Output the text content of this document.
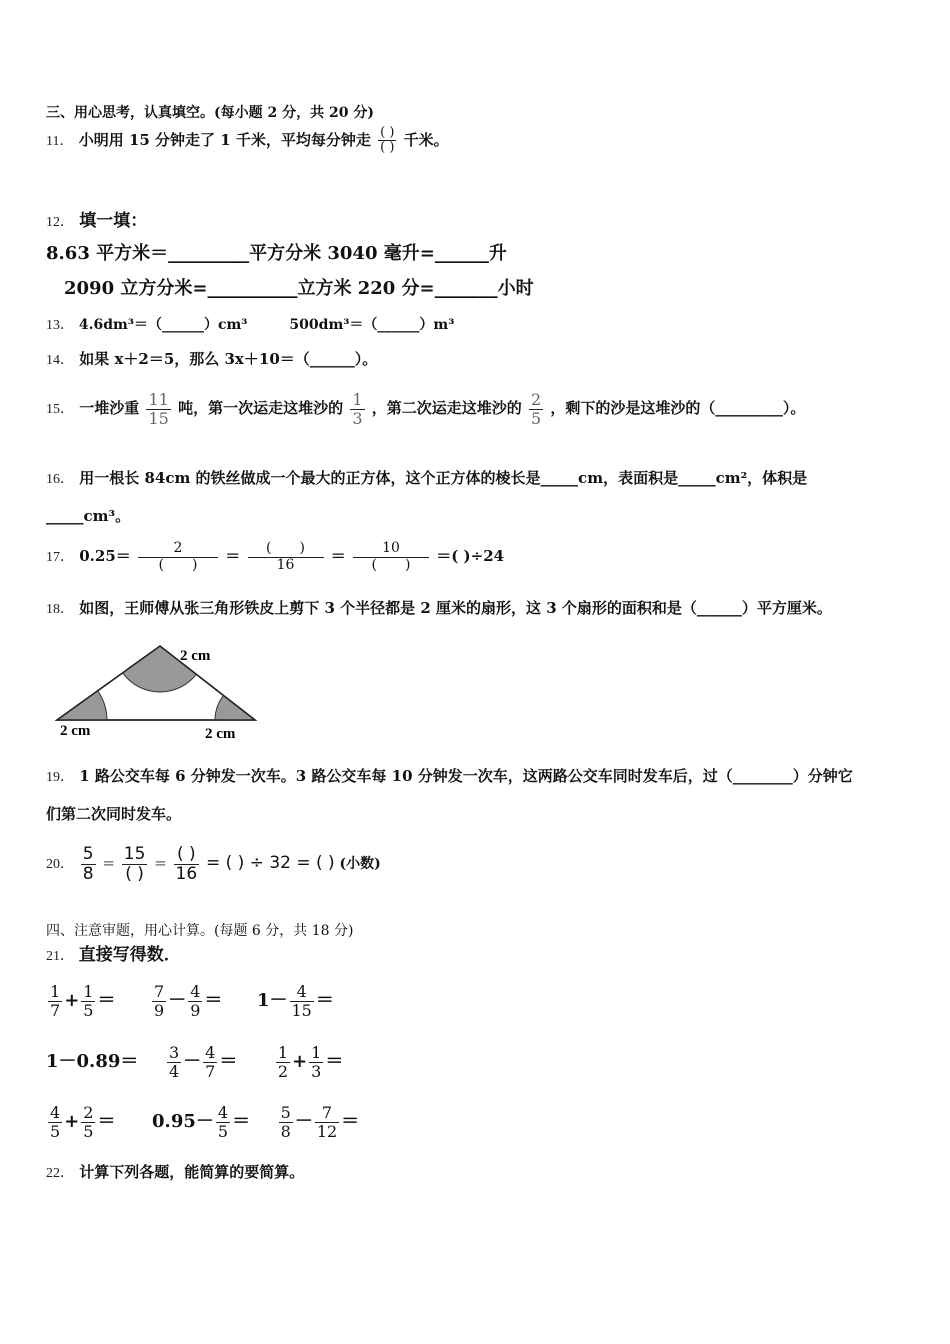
三、用心思考，认真填空。(每小题 2 分，共 20 分)
11． 小明用 15 分钟走了 1 千米，平均每分钟走 $\frac{( )}{( )}$ 千米。
12． 填一填：
8.63 平方米＝_________平方分米 3040 毫升=______升
2090 立方分米=__________立方米 220 分=_______小时
13． 4.6dm³＝（______）cm³　　　500dm³＝（______）m³
14． 如果 x＋2＝5，那么 3x＋10＝（______）。
15． 一堆沙重 $\frac{11}{15}$ 吨，第一次运走这堆沙的 $\frac{1}{3}$ ，第二次运走这堆沙的 $\frac{2}{5}$ ，剩下的沙是这堆沙的（_________）。
16． 用一根长 84cm 的铁丝做成一个最大的正方体，这个正方体的棱长是_____cm，表面积是_____cm²，体积是
_____cm³。
17． $0.25= \frac{2}{( )} = \frac{( )}{16} = \frac{10}{( )}$ ＝( )÷24
18． 如图，王师傅从张三角形铁皮上剪下 3 个半径都是 2 厘米的扇形，这 3 个扇形的面积和是（______）平方厘米。
2 cm
2 cm	2 cm
19． 1 路公交车每 6 分钟发一次车。3 路公交车每 10 分钟发一次车，这两路公交车同时发车后，过（________）分钟它
们第二次同时发车。
20． $\frac{5}{8} = \frac{15}{( )} = \frac{( )}{16}$ = ( ) ÷ 32 = ( ) (小数)
四、注意审题，用心计算。(每题 6 分，共 18 分)
21． 直接写得数．
$\frac{1}{7} + \frac{1}{5} = \frac{7}{9} - \frac{4}{9} = 1- \frac{4}{15}$ ＝
$1-0.89= \frac{3}{4} - \frac{4}{7} = \frac{1}{2} + \frac{1}{3}$ ＝
$\frac{4}{5} + \frac{2}{5} = 0.95- \frac{4}{5} = \frac{5}{8} - \frac{7}{12}$ ＝
22． 计算下列各题，能简算的要简算。
